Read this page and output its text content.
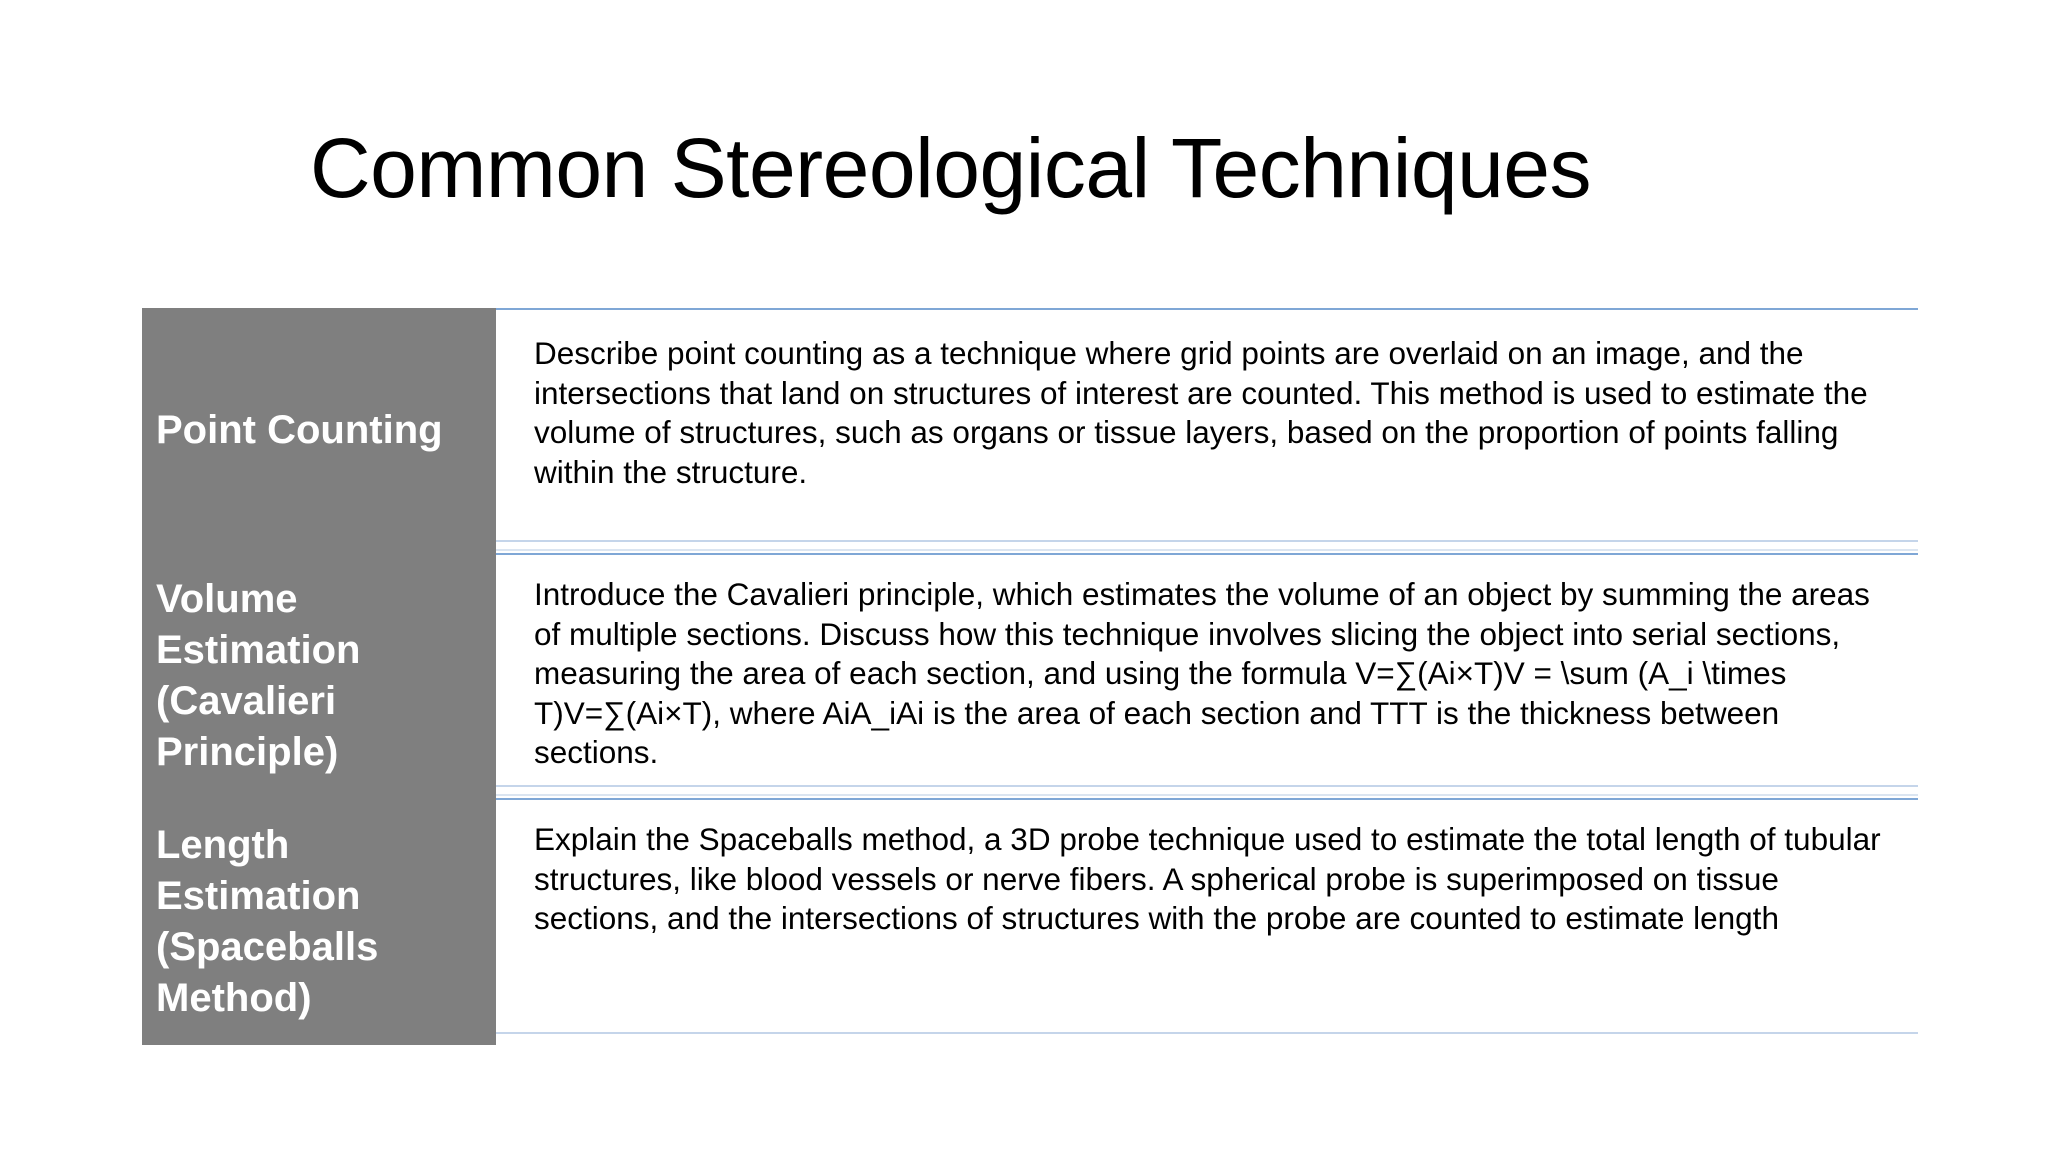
Common Stereological Techniques
Point Counting
Describe point counting as a technique where grid points are overlaid on an image, and the intersections that land on structures of interest are counted. This method is used to estimate the volume of structures, such as organs or tissue layers, based on the proportion of points falling within the structure.
Volume Estimation (Cavalieri Principle)
Introduce the Cavalieri principle, which estimates the volume of an object by summing the areas of multiple sections. Discuss how this technique involves slicing the object into serial sections, measuring the area of each section, and using the formula V=∑(Ai×T)V = \sum (A_i \times T)V=∑(Ai×T), where AiA_iAi is the area of each section and TTT is the thickness between sections.
Length Estimation (Spaceballs Method)
Explain the Spaceballs method, a 3D probe technique used to estimate the total length of tubular structures, like blood vessels or nerve fibers. A spherical probe is superimposed on tissue sections, and the intersections of structures with the probe are counted to estimate length
